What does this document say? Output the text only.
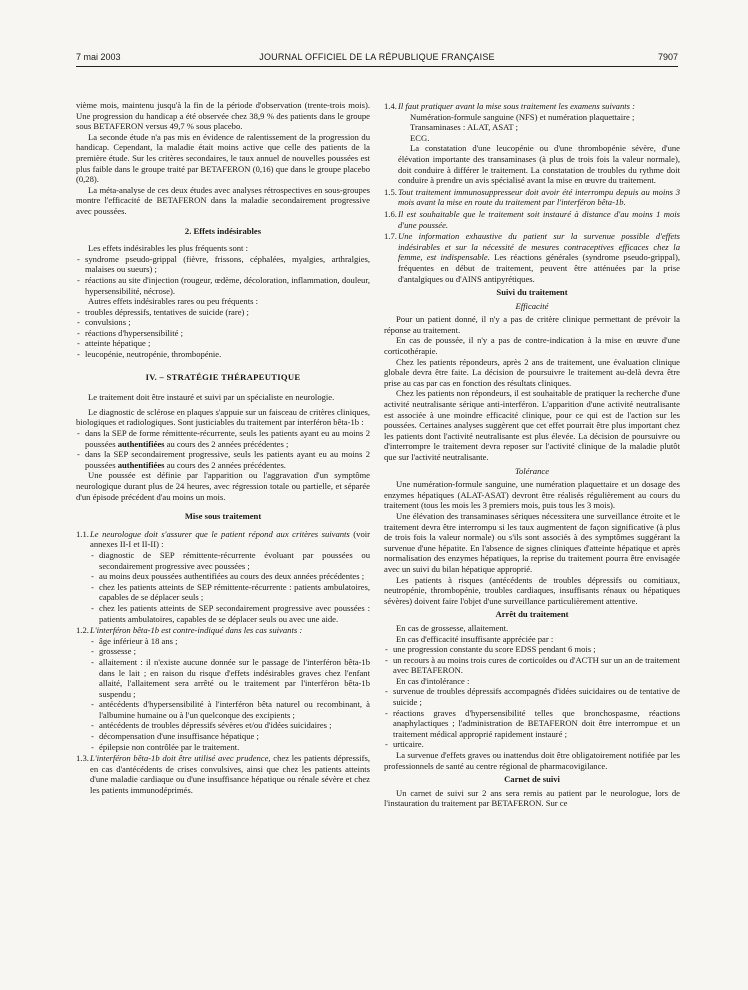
7 mai 2003	JOURNAL OFFICIEL DE LA RÉPUBLIQUE FRANÇAISE	7907

vième mois, maintenu jusqu'à la fin de la période d'observation (trente-trois mois). Une progression du handicap a été observée chez 38,9 % des patients dans le groupe sous BETAFERON versus 49,7 % sous placebo.

La seconde étude n'a pas mis en évidence de ralentissement de la progression du handicap. Cependant, la maladie était moins active que celle des patients de la première étude. Sur les critères secondaires, le taux annuel de nouvelles poussées est plus faible dans le groupe traité par BETAFERON (0,16) que dans le groupe placebo (0,28).

La méta-analyse de ces deux études avec analyses rétrospectives en sous-groupes montre l'efficacité de BETAFERON dans la maladie secondairement progressive avec poussées.

2. Effets indésirables

Les effets indésirables les plus fréquents sont :

- syndrome pseudo-grippal (fièvre, frissons, céphalées, myalgies, arthralgies, malaises ou sueurs) ;
- réactions au site d'injection (rougeur, œdème, décoloration, inflammation, douleur, hypersensibilité, nécrose).

Autres effets indésirables rares ou peu fréquents :

- troubles dépressifs, tentatives de suicide (rare) ;
- convulsions ;
- réactions d'hypersensibilité ;
- atteinte hépatique ;
- leucopénie, neutropénie, thrombopénie.
IV. – STRATÉGIE THÉRAPEUTIQUE

Le traitement doit être instauré et suivi par un spécialiste en neurologie.

Le diagnostic de sclérose en plaques s'appuie sur un faisceau de critères cliniques, biologiques et radiologiques. Sont justiciables du traitement par interféron bêta-1b :

- dans la SEP de forme rémittente-récurrente, seuls les patients ayant eu au moins 2 poussées authentifiées au cours des 2 années précédentes ;
- dans la SEP secondairement progressive, seuls les patients ayant eu au moins 2 poussées authentifiées au cours des 2 années précédentes.

Une poussée est définie par l'apparition ou l'aggravation d'un symptôme neurologique durant plus de 24 heures, avec régression totale ou partielle, et séparée d'un épisode précédent d'au moins un mois.

Mise sous traitement
1.1. Le neurologue doit s'assurer que le patient répond aux critères suivants (voir annexes II-I et II-II) :
- diagnostic de SEP rémittente-récurrente évoluant par poussées ou secondairement progressive avec poussées ;
- au moins deux poussées authentifiées au cours des deux années précédentes ;
- chez les patients atteints de SEP rémittente-récurrente : patients ambulatoires, capables de se déplacer seuls ;
- chez les patients atteints de SEP secondairement progressive avec poussées : patients ambulatoires, capables de se déplacer seuls ou avec une aide.
1.2. L'interféron bêta-1b est contre-indiqué dans les cas suivants :
- âge inférieur à 18 ans ;
- grossesse ;
- allaitement : il n'existe aucune donnée sur le passage de l'interféron bêta-1b dans le lait ; en raison du risque d'effets indésirables graves chez l'enfant allaité, l'allaitement sera arrêté ou le traitement par l'interféron bêta-1b suspendu ;
- antécédents d'hypersensibilité à l'interféron bêta naturel ou recombinant, à l'albumine humaine ou à l'un quelconque des excipients ;
- antécédents de troubles dépressifs sévères et/ou d'idées suicidaires ;
- décompensation d'une insuffisance hépatique ;
- épilepsie non contrôlée par le traitement.
1.3. L'interféron bêta-1b doit être utilisé avec prudence, chez les patients dépressifs, en cas d'antécédents de crises convulsives, ainsi que chez les patients atteints d'une maladie cardiaque ou d'une insuffisance hépatique ou rénale sévère et chez les patients immunodéprimés.
1.4. Il faut pratiquer avant la mise sous traitement les examens suivants :

Numération-formule sanguine (NFS) et numération plaquettaire ;

Transaminases : ALAT, ASAT ;

ECG.

La constatation d'une leucopénie ou d'une thrombopénie sévère, d'une élévation importante des transaminases (à plus de trois fois la valeur normale), doit conduire à différer le traitement. La constatation de troubles du rythme doit conduire à prendre un avis spécialisé avant la mise en œuvre du traitement.

1.5. Tout traitement immunosuppresseur doit avoir été interrompu depuis au moins 3 mois avant la mise en route du traitement par l'interféron bêta-1b.
1.6. Il est souhaitable que le traitement soit instauré à distance d'au moins 1 mois d'une poussée.
1.7. Une information exhaustive du patient sur la survenue possible d'effets indésirables et sur la nécessité de mesures contraceptives efficaces chez la femme, est indispensable. Les réactions générales (syndrome pseudo-grippal), fréquentes en début de traitement, peuvent être atténuées par la prise d'antalgiques ou d'AINS antipyrétiques.
Suivi du traitement
Efficacité

Pour un patient donné, il n'y a pas de critère clinique permettant de prévoir la réponse au traitement.

En cas de poussée, il n'y a pas de contre-indication à la mise en œuvre d'une corticothérapie.

Chez les patients répondeurs, après 2 ans de traitement, une évaluation clinique globale devra être faite. La décision de poursuivre le traitement au-delà devra être prise au cas par cas en fonction des résultats cliniques.

Chez les patients non répondeurs, il est souhaitable de pratiquer la recherche d'une activité neutralisante sérique anti-interféron. L'apparition d'une activité neutralisante est associée à une moindre efficacité clinique, pour ce qui est de l'action sur les poussées. Certaines analyses suggèrent que cet effet pourrait être plus important chez les patients dont l'activité neutralisante est plus élevée. La décision de poursuivre ou d'interrompre le traitement devra reposer sur l'activité clinique de la maladie plutôt que sur l'activité neutralisante.

Tolérance

Une numération-formule sanguine, une numération plaquettaire et un dosage des enzymes hépatiques (ALAT-ASAT) devront être réalisés régulièrement au cours du traitement (tous les mois les 3 premiers mois, puis tous les 3 mois).

Une élévation des transaminases sériques nécessitera une surveillance étroite et le traitement devra être interrompu si les taux augmentent de façon significative (à plus de trois fois la valeur normale) ou s'ils sont associés à des symptômes suggérant la survenue d'une hépatite. En l'absence de signes cliniques d'atteinte hépatique et après normalisation des enzymes hépatiques, la reprise du traitement pourra être envisagée avec un suivi du bilan hépatique approprié.

Les patients à risques (antécédents de troubles dépressifs ou comitiaux, neutropénie, thrombopénie, troubles cardiaques, insuffisants rénaux ou hépatiques sévères) doivent faire l'objet d'une surveillance particulièrement attentive.

Arrêt du traitement

En cas de grossesse, allaitement.

En cas d'efficacité insuffisante appréciée par :

- une progression constante du score EDSS pendant 6 mois ;
- un recours à au moins trois cures de corticoïdes ou d'ACTH sur un an de traitement avec BETAFERON.

En cas d'intolérance :

- survenue de troubles dépressifs accompagnés d'idées suicidaires ou de tentative de suicide ;
- réactions graves d'hypersensibilité telles que bronchospasme, réactions anaphylactiques ; l'administration de BETAFERON doit être interrompue et un traitement médical approprié rapidement instauré ;
- urticaire.

La survenue d'effets graves ou inattendus doit être obligatoirement notifiée par les professionnels de santé au centre régional de pharmacovigilance.

Carnet de suivi

Un carnet de suivi sur 2 ans sera remis au patient par le neurologue, lors de l'instauration du traitement par BETAFERON. Sur ce
